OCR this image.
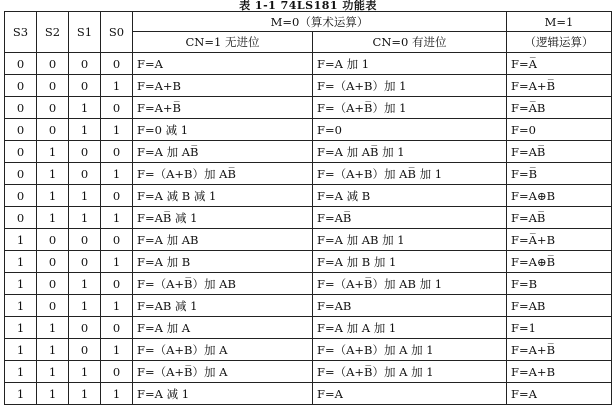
表 1-1 74LS181 功能表
S3	S2	S1	S0	M=0（算术运算）		M=1
				CN=1 无进位	CN=0 有进位	（逻辑运算）
0	0	0	0	F=A	F=A 加 1	F=A̅
0	0	0	1	F=A+B	F=（A+B）加 1	F=A+B̅
0	0	1	0	F=A+B̅	F=（A+B̅）加 1	F=A̅B
0	0	1	1	F=0 减 1	F=0	F=0
0	1	0	0	F=A 加 AB̅	F=A 加 AB̅ 加 1	F=AB̅
0	1	0	1	F=（A+B）加 AB̅	F=（A+B）加 AB̅ 加 1	F=B̅
0	1	1	0	F=A 减 B 减 1	F=A 减 B	F=A⊕B
0	1	1	1	F=AB̅ 减 1	F=AB̅	F=AB̅
1	0	0	0	F=A 加 AB	F=A 加 AB 加 1	F=A̅+B
1	0	0	1	F=A 加 B	F=A 加 B 加 1	F=A⊕B̅
1	0	1	0	F=（A+B̅）加 AB	F=（A+B̅）加 AB 加 1	F=B
1	0	1	1	F=AB 减 1	F=AB	F=AB
1	1	0	0	F=A 加 A	F=A 加 A 加 1	F=1
1	1	0	1	F=（A+B）加 A	F=（A+B）加 A 加 1	F=A+B̅
1	1	1	0	F=（A+B̅）加 A	F=（A+B̅）加 A 加 1	F=A+B
1	1	1	1	F=A 减 1	F=A	F=A
